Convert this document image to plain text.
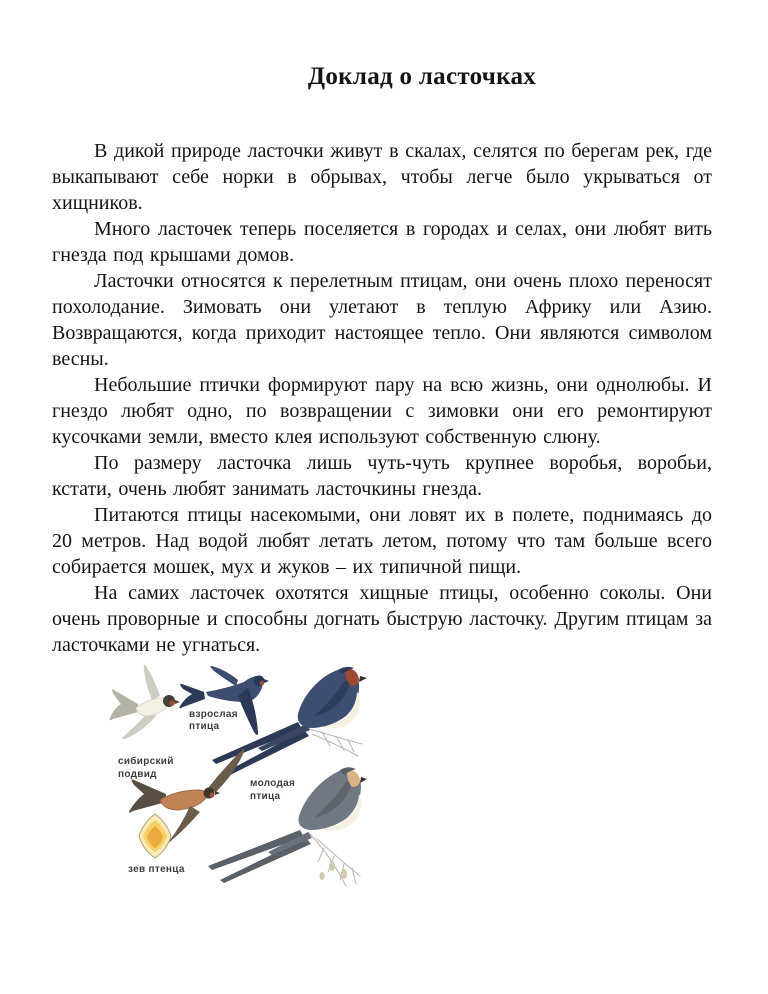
Доклад о ласточках

В дикой природе ласточки живут в скалах, селятся по берегам рек, где выкапывают себе норки в обрывах, чтобы легче было укрываться от хищников.

Много ласточек теперь поселяется в городах и селах, они любят вить гнезда под крышами домов.

Ласточки относятся к перелетным птицам, они очень плохо переносят похолодание. Зимовать они улетают в теплую Африку или Азию. Возвращаются, когда приходит настоящее тепло. Они являются символом весны.

Небольшие птички формируют пару на всю жизнь, они однолюбы. И гнездо любят одно, по возвращении с зимовки они его ремонтируют кусочками земли, вместо клея используют собственную слюну.

По размеру ласточка лишь чуть-чуть крупнее воробья, воробьи, кстати, очень любят занимать ласточкины гнезда.

Питаются птицы насекомыми, они ловят их в полете, поднимаясь до 20 метров. Над водой любят летать летом, потому что там больше всего собирается мошек, мух и жуков – их типичной пищи.

На самих ласточек охотятся хищные птицы, особенно соколы. Они очень проворные и способны догнать быструю ласточку. Другим птицам за ласточками не угнаться.

взрослая
птица
сибирский
подвид
молодая
птица
зев птенца
